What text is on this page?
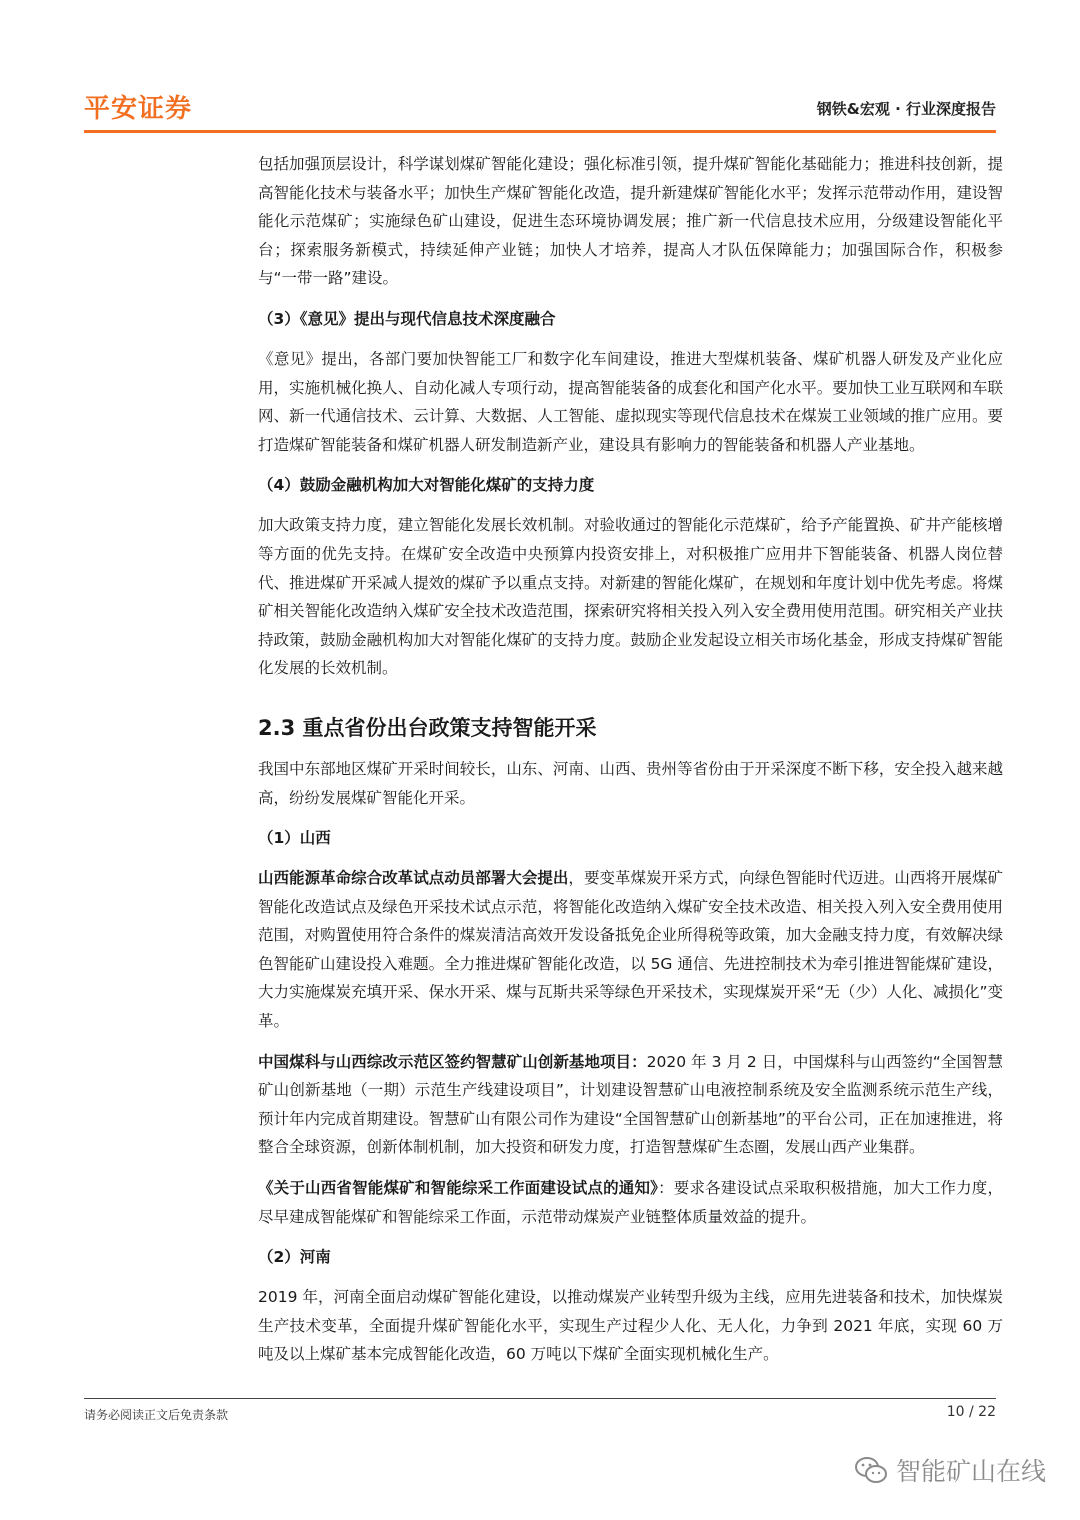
平安证券	钢铁&宏观 · 行业深度报告

包括加强顶层设计，科学谋划煤矿智能化建设；强化标准引领，提升煤矿智能化基础能力；推进科技创新，提高智能化技术与装备水平；加快生产煤矿智能化改造，提升新建煤矿智能化水平；发挥示范带动作用，建设智能化示范煤矿；实施绿色矿山建设，促进生态环境协调发展；推广新一代信息技术应用，分级建设智能化平台；探索服务新模式，持续延伸产业链；加快人才培养，提高人才队伍保障能力；加强国际合作，积极参与“一带一路”建设。

（3）《意见》提出与现代信息技术深度融合

《意见》提出，各部门要加快智能工厂和数字化车间建设，推进大型煤机装备、煤矿机器人研发及产业化应用，实施机械化换人、自动化减人专项行动，提高智能装备的成套化和国产化水平。要加快工业互联网和车联网、新一代通信技术、云计算、大数据、人工智能、虚拟现实等现代信息技术在煤炭工业领域的推广应用。要打造煤矿智能装备和煤矿机器人研发制造新产业，建设具有影响力的智能装备和机器人产业基地。

（4）鼓励金融机构加大对智能化煤矿的支持力度

加大政策支持力度，建立智能化发展长效机制。对验收通过的智能化示范煤矿，给予产能置换、矿井产能核增等方面的优先支持。在煤矿安全改造中央预算内投资安排上，对积极推广应用井下智能装备、机器人岗位替代、推进煤矿开采减人提效的煤矿予以重点支持。对新建的智能化煤矿，在规划和年度计划中优先考虑。将煤矿相关智能化改造纳入煤矿安全技术改造范围，探索研究将相关投入列入安全费用使用范围。研究相关产业扶持政策，鼓励金融机构加大对智能化煤矿的支持力度。鼓励企业发起设立相关市场化基金，形成支持煤矿智能化发展的长效机制。

2.3 重点省份出台政策支持智能开采

我国中东部地区煤矿开采时间较长，山东、河南、山西、贵州等省份由于开采深度不断下移，安全投入越来越高，纷纷发展煤矿智能化开采。

（1）山西

山西能源革命综合改革试点动员部署大会提出，要变革煤炭开采方式，向绿色智能时代迈进。山西将开展煤矿智能化改造试点及绿色开采技术试点示范，将智能化改造纳入煤矿安全技术改造、相关投入列入安全费用使用范围，对购置使用符合条件的煤炭清洁高效开发设备抵免企业所得税等政策，加大金融支持力度，有效解决绿色智能矿山建设投入难题。全力推进煤矿智能化改造，以 5G 通信、先进控制技术为牵引推进智能煤矿建设，大力实施煤炭充填开采、保水开采、煤与瓦斯共采等绿色开采技术，实现煤炭开采“无（少）人化、减损化”变革。

中国煤科与山西综改示范区签约智慧矿山创新基地项目：2020 年 3 月 2 日，中国煤科与山西签约“全国智慧矿山创新基地（一期）示范生产线建设项目”，计划建设智慧矿山电液控制系统及安全监测系统示范生产线，预计年内完成首期建设。智慧矿山有限公司作为建设“全国智慧矿山创新基地”的平台公司，正在加速推进，将整合全球资源，创新体制机制，加大投资和研发力度，打造智慧煤矿生态圈，发展山西产业集群。

《关于山西省智能煤矿和智能综采工作面建设试点的通知》：要求各建设试点采取积极措施，加大工作力度，尽早建成智能煤矿和智能综采工作面，示范带动煤炭产业链整体质量效益的提升。

（2）河南

2019 年，河南全面启动煤矿智能化建设，以推动煤炭产业转型升级为主线，应用先进装备和技术，加快煤炭生产技术变革，全面提升煤矿智能化水平，实现生产过程少人化、无人化，力争到 2021 年底，实现 60 万吨及以上煤矿基本完成智能化改造，60 万吨以下煤矿全面实现机械化生产。

请务必阅读正文后免责条款	10 / 22
智能矿山在线
